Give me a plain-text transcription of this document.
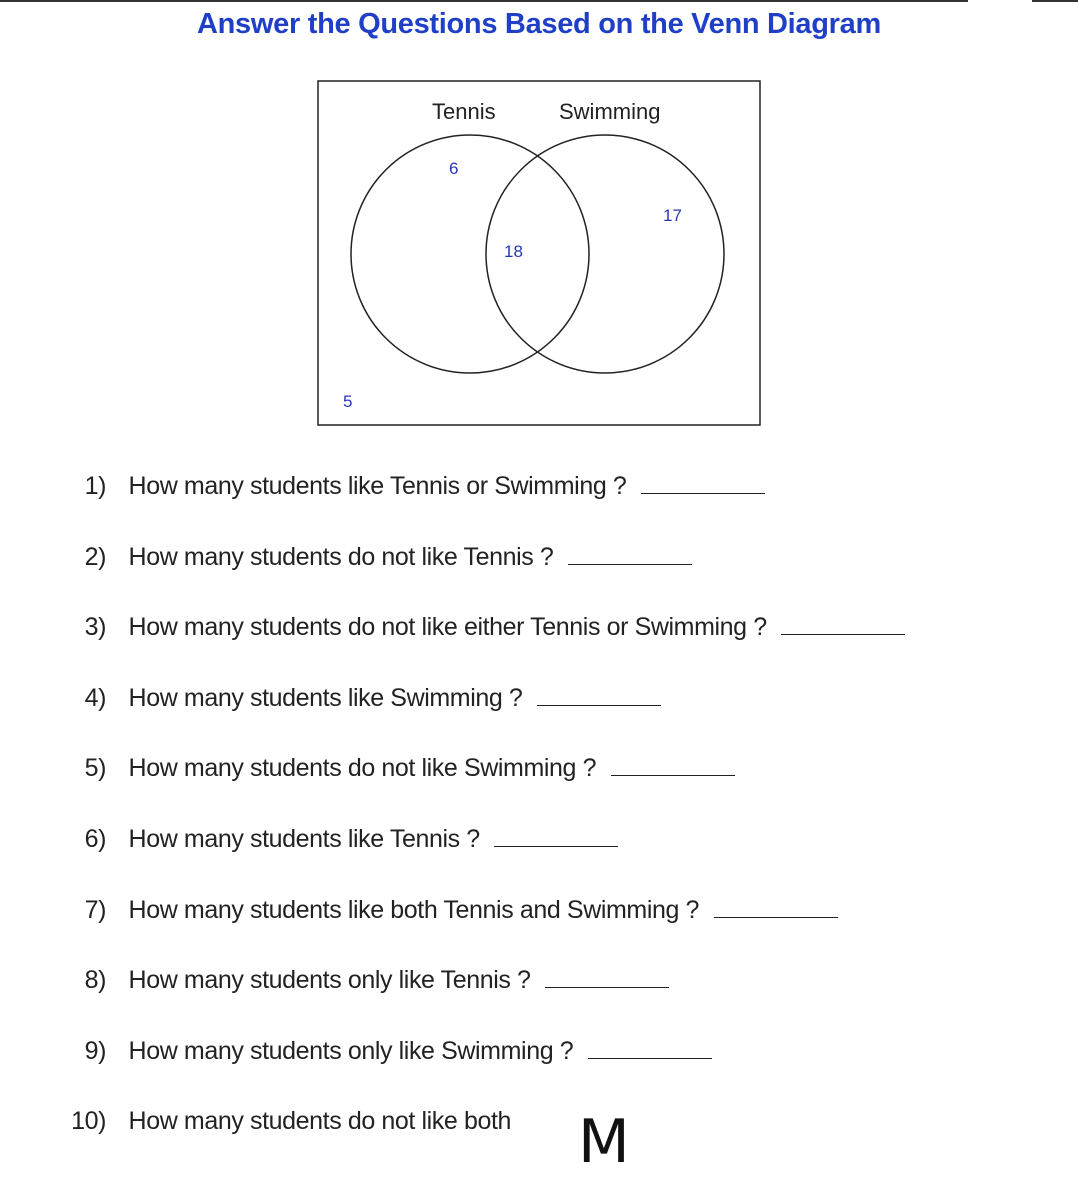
Answer the Questions Based on the Venn Diagram
Tennis	Swimming
6
18
17
5
1) How many students like Tennis or Swimming ?
2) How many students do not like Tennis ?
3) How many students do not like either Tennis or Swimming ?
4) How many students like Swimming ?
5) How many students do not like Swimming ?
6) How many students like Tennis ?
7) How many students like both Tennis and Swimming ?
8) How many students only like Tennis ?
9) How many students only like Swimming ?
10) How many students do not like both M
